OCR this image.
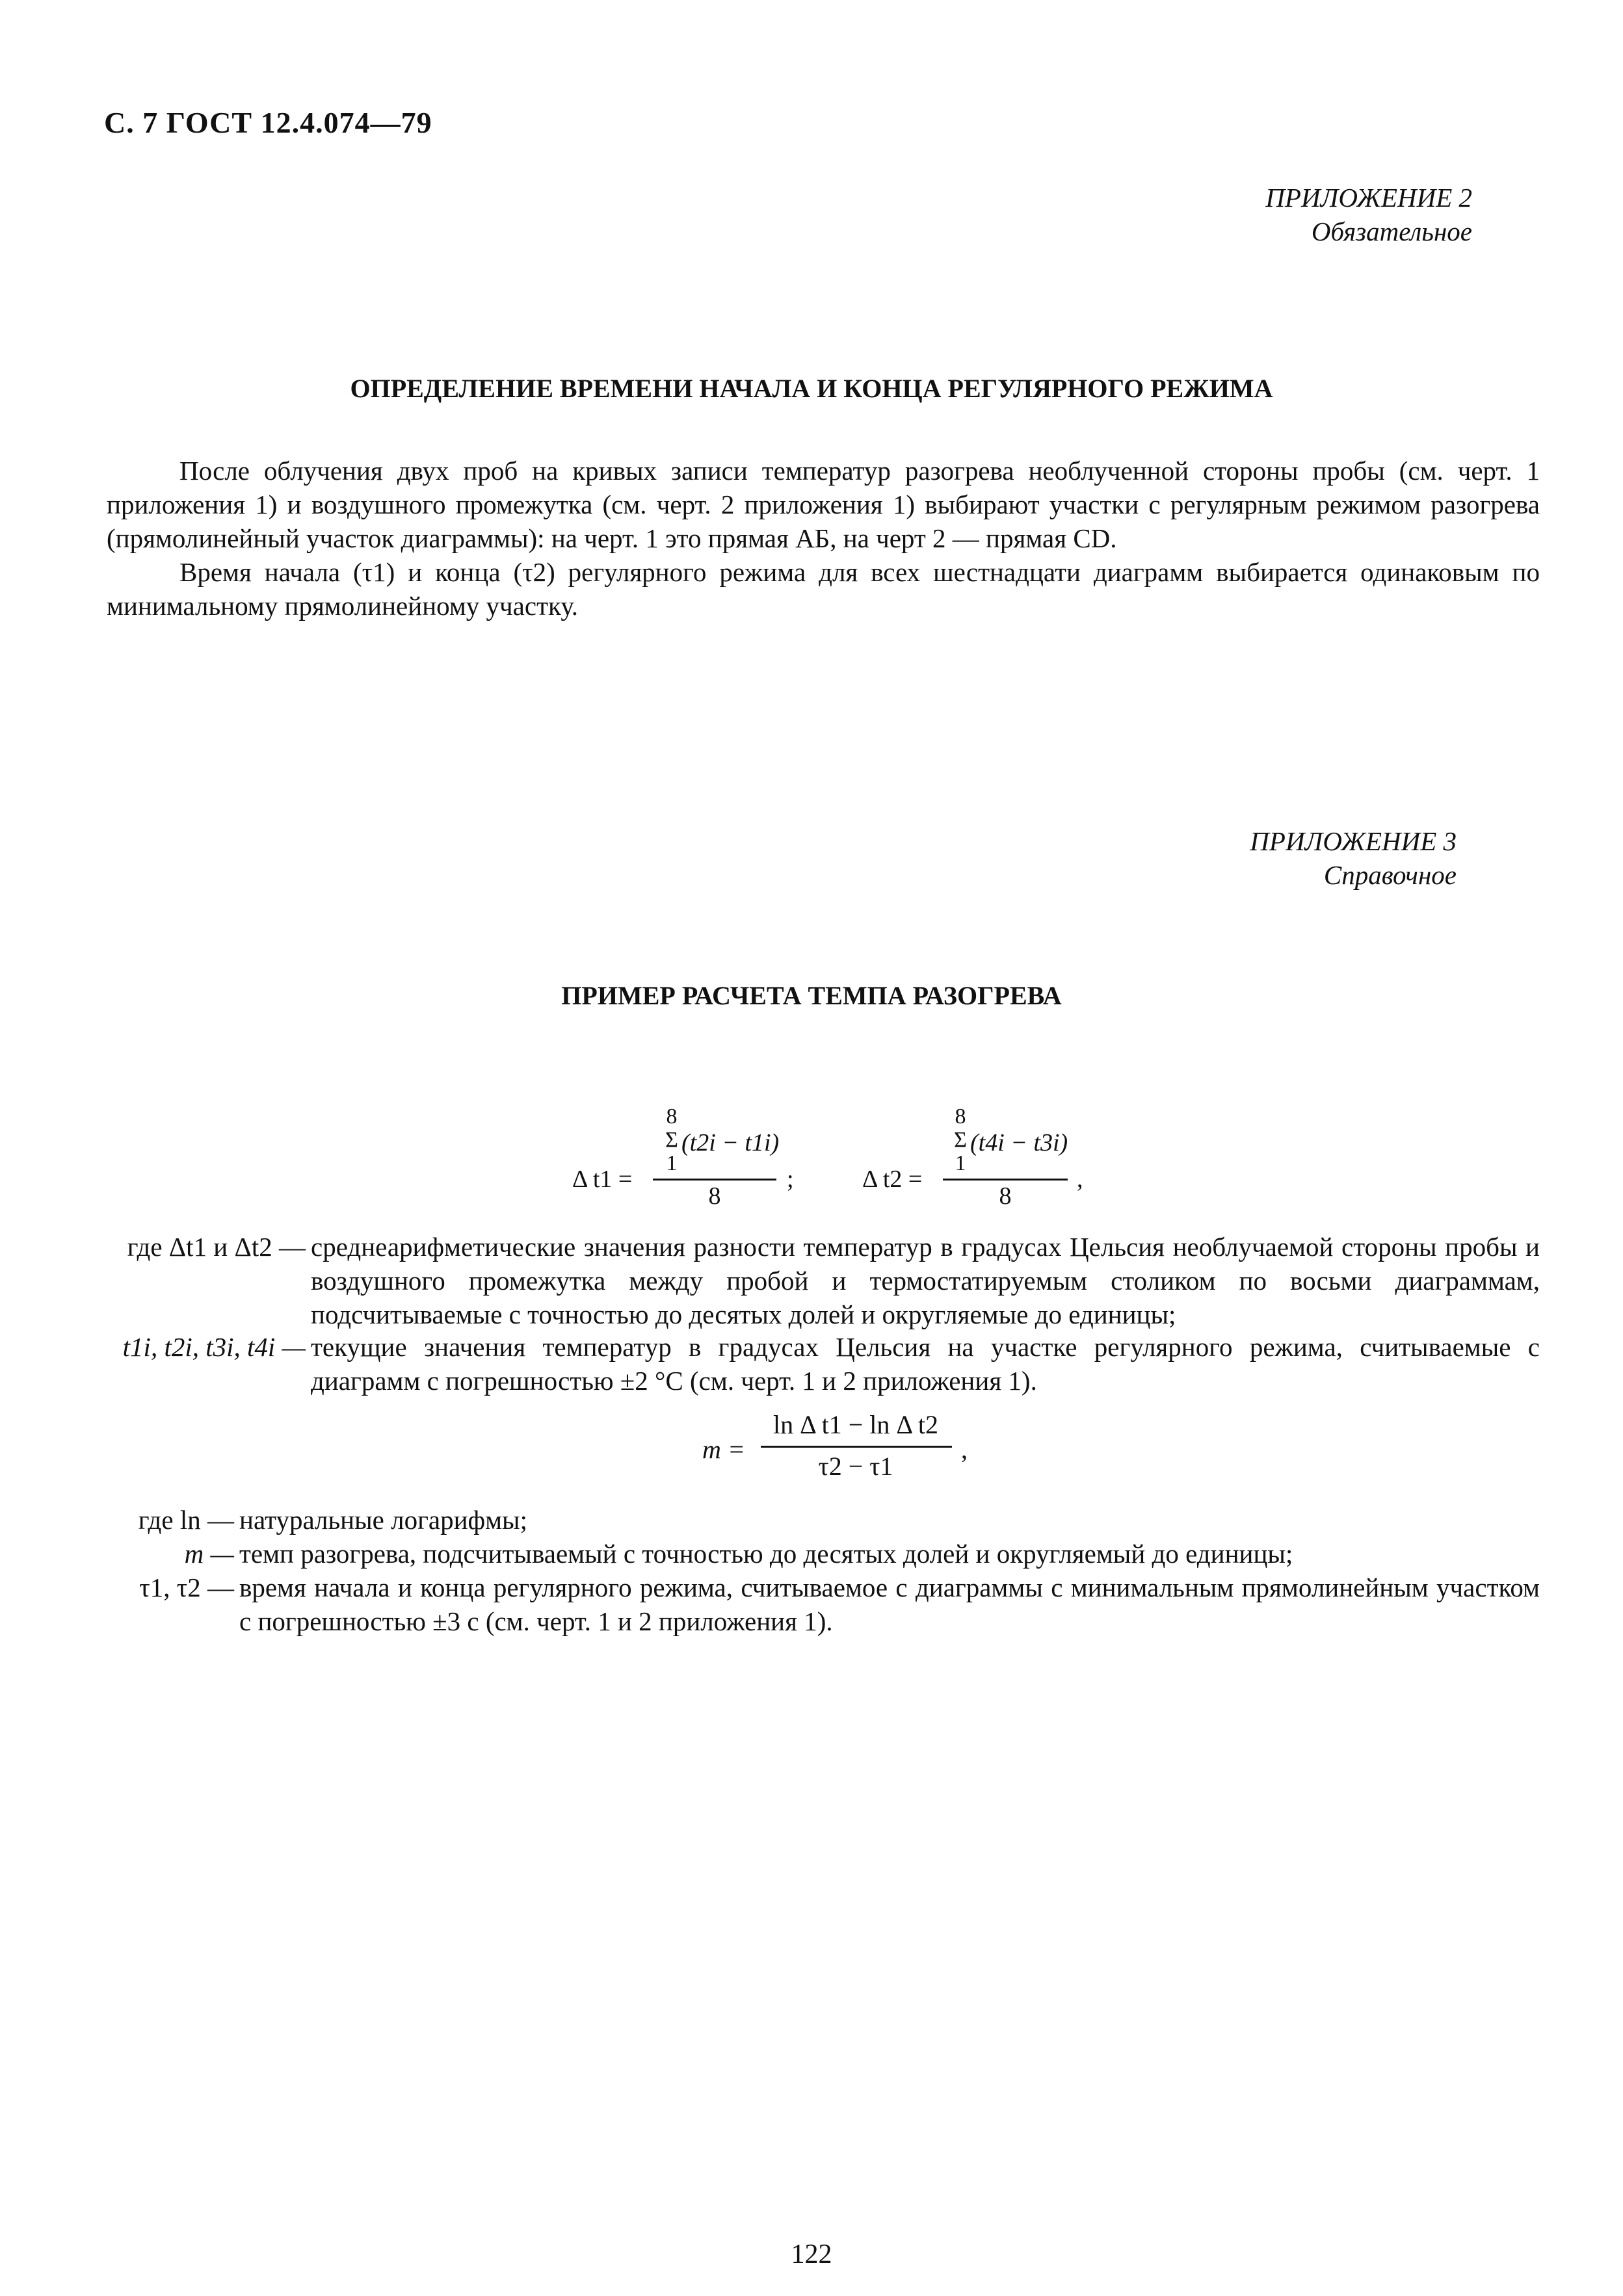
С. 7 ГОСТ 12.4.074—79
ПРИЛОЖЕНИЕ 2
Обязательное
ОПРЕДЕЛЕНИЕ ВРЕМЕНИ НАЧАЛА И КОНЦА РЕГУЛЯРНОГО РЕЖИМА
После облучения двух проб на кривых записи температур разогрева необлученной стороны пробы (см. черт. 1 приложения 1) и воздушного промежутка (см. черт. 2 приложения 1) выбирают участки с регулярным режимом разогрева (прямолинейный участок диаграммы): на черт. 1 это прямая АБ, на черт 2 — прямая CD.
Время начала (τ1) и конца (τ2) регулярного режима для всех шестнадцати диаграмм выбирается одинаковым по минимальному прямолинейному участку.
ПРИЛОЖЕНИЕ 3
Справочное
ПРИМЕР РАСЧЕТА ТЕМПА РАЗОГРЕВА
Δ t1 =
8
Σ
1
(t2i − t1i)
8
;	Δ t2 =
8
Σ
1
(t4i − t3i)
8
,
где Δt1 и Δt2 — среднеарифметические значения разности температур в градусах Цельсия необлучаемой стороны пробы и воздушного промежутка между пробой и термостатируемым столиком по восьми диаграммам, подсчитываемые с точностью до десятых долей и округляемые до единицы;
t1i, t2i, t3i, t4i — текущие значения температур в градусах Цельсия на участке регулярного режима, считываемые с диаграмм с погрешностью ±2 °С (см. черт. 1 и 2 приложения 1).
m =
ln Δ t1 − ln Δ t2
τ2 − τ1
,
где ln — натуральные логарифмы;
m — темп разогрева, подсчитываемый с точностью до десятых долей и округляемый до единицы;
τ1, τ2 — время начала и конца регулярного режима, считываемое с диаграммы с минимальным прямолинейным участком с погрешностью ±3 с (см. черт. 1 и 2 приложения 1).
122
